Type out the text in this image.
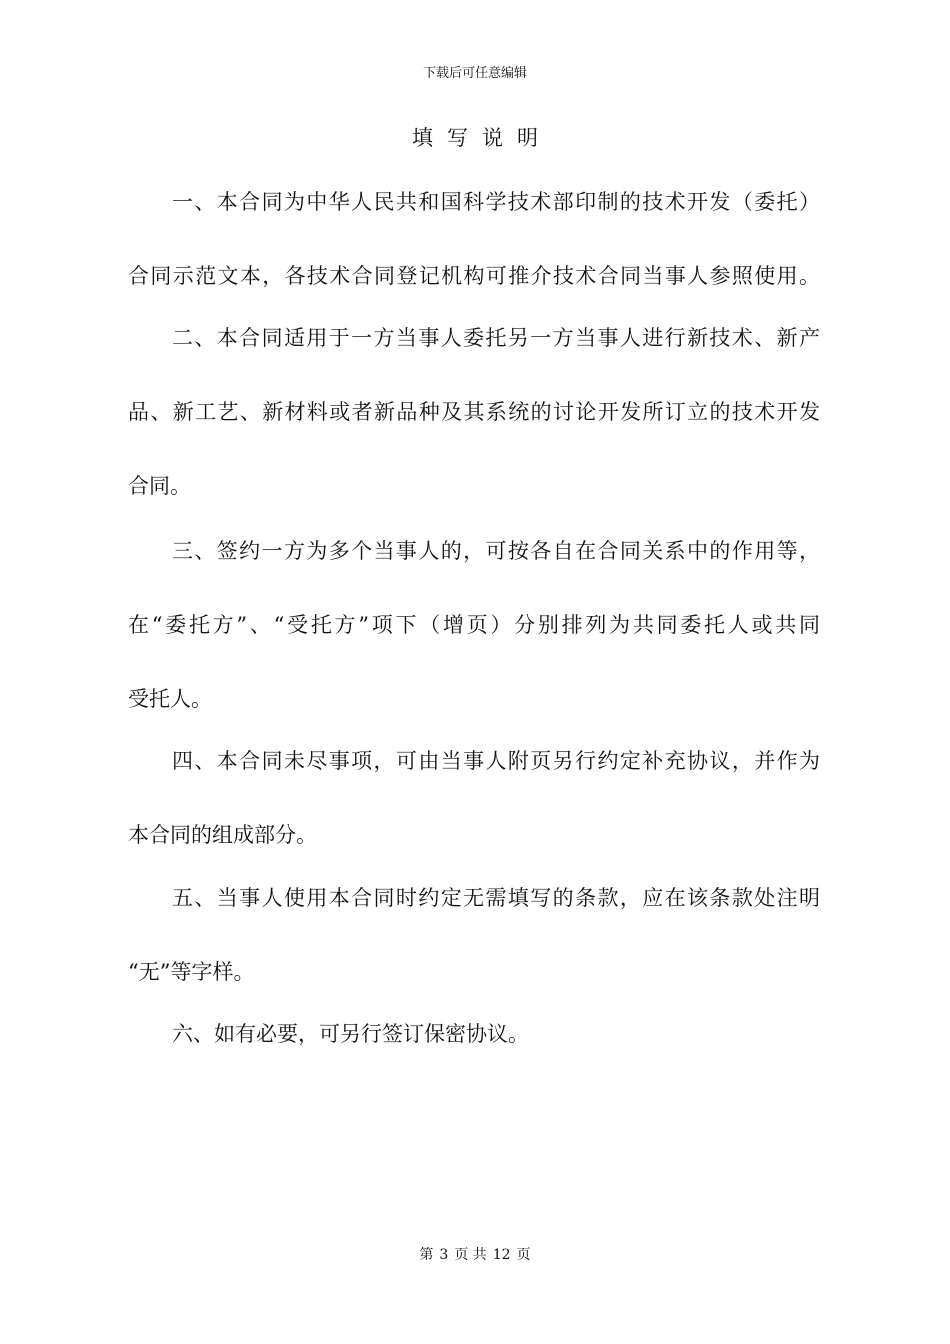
下载后可任意编辑
填写说明
一、本合同为中华人民共和国科学技术部印制的技术开发（委托）
合同示范文本，各技术合同登记机构可推介技术合同当事人参照使用。
二、本合同适用于一方当事人委托另一方当事人进行新技术、新产
品、新工艺、新材料或者新品种及其系统的讨论开发所订立的技术开发
合同。
三、签约一方为多个当事人的，可按各自在合同关系中的作用等，
在“委托方”、“受托方”项下（增页）分别排列为共同委托人或共同
受托人。
四、本合同未尽事项，可由当事人附页另行约定补充协议，并作为
本合同的组成部分。
五、当事人使用本合同时约定无需填写的条款，应在该条款处注明
“无”等字样。
六、如有必要，可另行签订保密协议。
第 3 页 共 12 页
